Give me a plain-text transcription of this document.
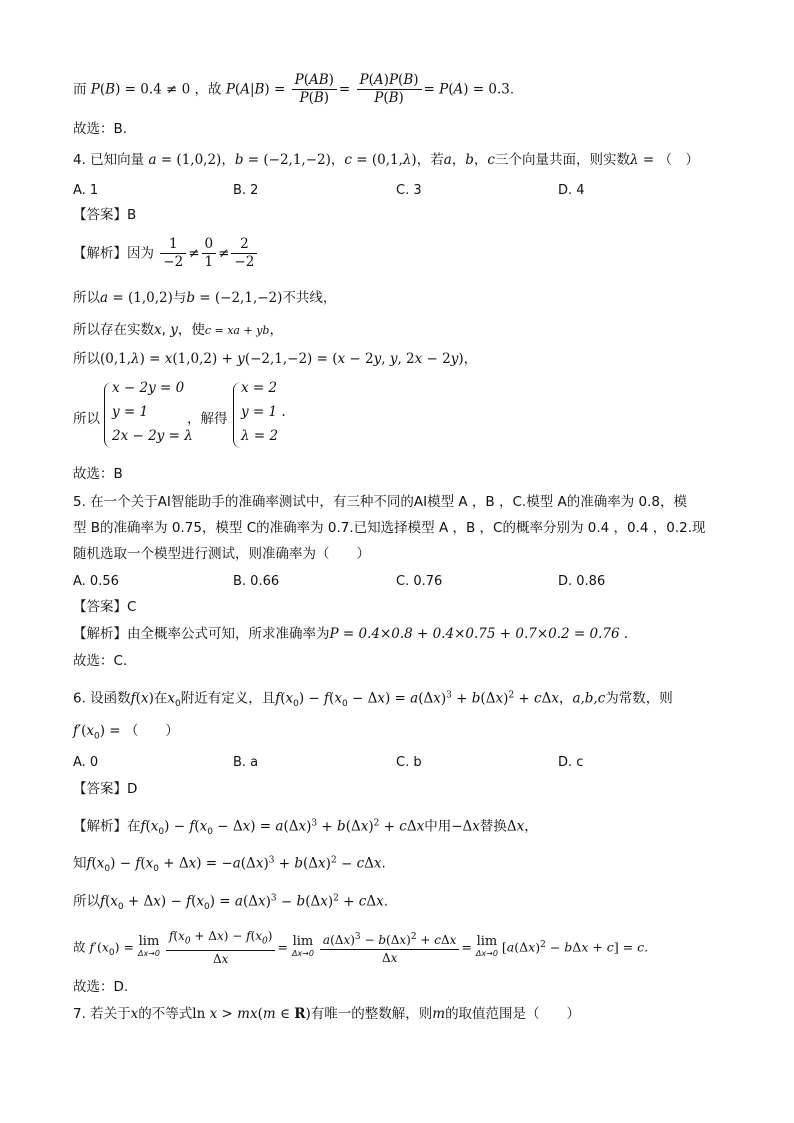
而 P(B) = 0.4 ≠ 0 ，故 $P(A|B) = \frac{P(AB)}{P(B)} = \frac{P(A)P(B)}{P(B)} = P(A) = 0.3$.
故选：B.
4. 已知向量 a = (1,0,2)，b = (−2,1,−2)，c = (0,1,λ)，若a，b，c三个向量共面，则实数λ = （　）
A. 1	B. 2	C. 3	D. 4
【答案】B
【解析】因为 $\frac{1}{-2} \ne \frac{0}{1} \ne \frac{2}{-2}$
所以a = (1,0,2)与b = (−2,1,−2)不共线，
所以存在实数x, y，使c = xa + yb，
所以(0,1,λ) = x(1,0,2) + y(−2,1,−2) = (x − 2y, y, 2x − 2y)，
所以
x − 2y = 0
y = 1
2x − 2y = λ
，解得
x = 2
y = 1 .
λ = 2
故选：B
5. 在一个关于AI智能助手的准确率测试中，有三种不同的AI模型 A ，B ，C.模型 A的准确率为 0.8，模
型 B的准确率为 0.75，模型 C的准确率为 0.7.已知选择模型 A ，B ，C的概率分别为 0.4 ，0.4 ，0.2.现
随机选取一个模型进行测试，则准确率为（　　）
A. 0.56	B. 0.66	C. 0.76	D. 0.86
【答案】C
【解析】由全概率公式可知，所求准确率为P = 0.4×0.8 + 0.4×0.75 + 0.7×0.2 = 0.76 .
故选：C.
6. 设函数f(x)在$x_0$附近有定义，且$f(x_0) - f(x_0 - \Delta x) = a(\Delta x)^3 + b(\Delta x)^2 + c\Delta x$，a,b,c为常数，则
$f'(x_0)$ = （　　）
A. 0	B. a	C. b	D. c
【答案】D
【解析】在$f(x_0) - f(x_0 - \Delta x) = a(\Delta x)^3 + b(\Delta x)^2 + c\Delta x$中用−Δx替换Δx，
知$f(x_0) - f(x_0 + \Delta x) = -a(\Delta x)^3 + b(\Delta x)^2 - c\Delta x$.
所以$f(x_0 + \Delta x) - f(x_0) = a(\Delta x)^3 - b(\Delta x)^2 + c\Delta x$.
故 $f'(x_0) = \lim$
Δx→0
$\frac{f(x_0 + \Delta x) - f(x_0)}{\Delta x} = \lim$
Δx→0
$\frac{a(\Delta x)^3 - b(\Delta x)^2 + c\Delta x}{\Delta x} = \lim$
Δx→0 $[a(\Delta x)^2 - b\Delta x + c] = c$.
故选：D.
7. 若关于x的不等式ln x > mx(m ∈ R)有唯一的整数解，则m的取值范围是（　　）
